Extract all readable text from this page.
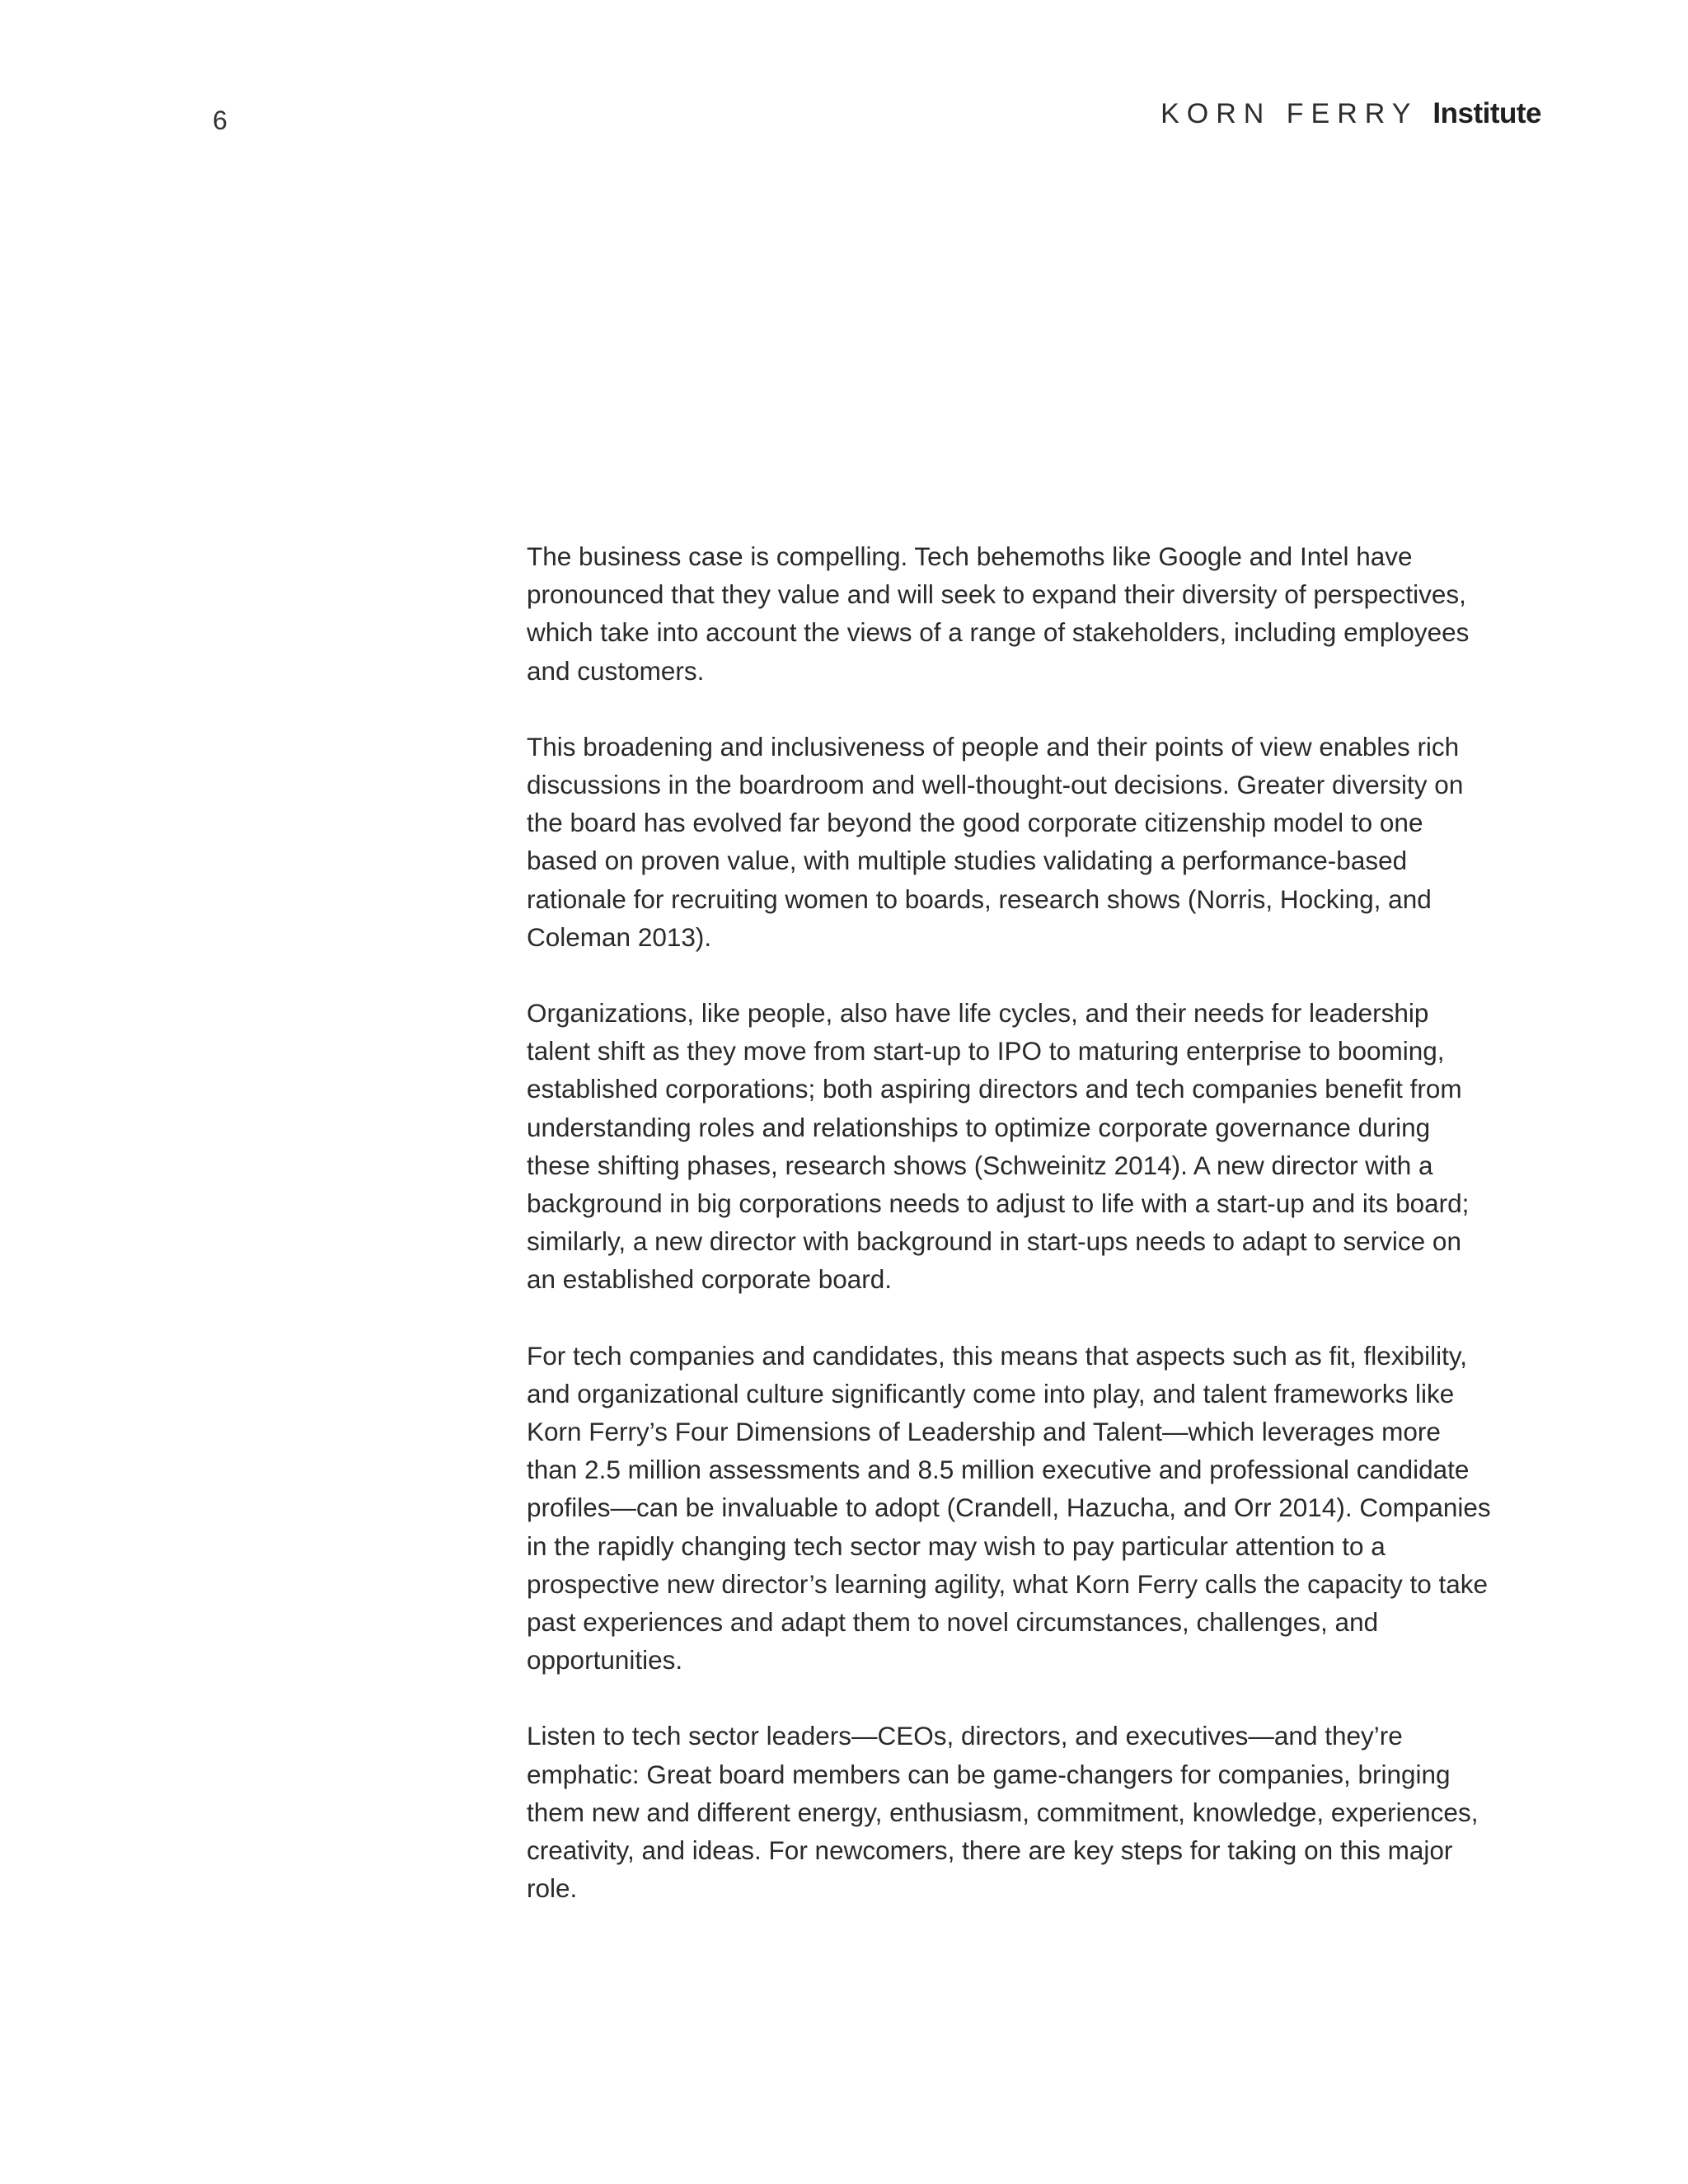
6	KORN FERRY Institute

The business case is compelling. Tech behemoths like Google and Intel have pronounced that they value and will seek to expand their diversity of perspectives, which take into account the views of a range of stakeholders, including employees and customers.

This broadening and inclusiveness of people and their points of view enables rich discussions in the boardroom and well-thought-out decisions. Greater diversity on the board has evolved far beyond the good corporate citizenship model to one based on proven value, with multiple studies validating a performance-based rationale for recruiting women to boards, research shows (Norris, Hocking, and Coleman 2013).

Organizations, like people, also have life cycles, and their needs for leadership talent shift as they move from start-up to IPO to maturing enterprise to booming, established corporations; both aspiring directors and tech companies benefit from understanding roles and relationships to optimize corporate governance during these shifting phases, research shows (Schweinitz 2014). A new director with a background in big corporations needs to adjust to life with a start-up and its board; similarly, a new director with background in start-ups needs to adapt to service on an established corporate board.

For tech companies and candidates, this means that aspects such as fit, flexibility, and organizational culture significantly come into play, and talent frameworks like Korn Ferry’s Four Dimensions of Leadership and Talent—which leverages more than 2.5 million assessments and 8.5 million executive and professional candidate profiles—can be invaluable to adopt (Crandell, Hazucha, and Orr 2014). Companies in the rapidly changing tech sector may wish to pay particular attention to a prospective new director’s learning agility, what Korn Ferry calls the capacity to take past experiences and adapt them to novel circumstances, challenges, and opportunities.

Listen to tech sector leaders—CEOs, directors, and executives—and they’re emphatic: Great board members can be game-changers for companies, bringing them new and different energy, enthusiasm, commitment, knowledge, experiences, creativity, and ideas. For newcomers, there are key steps for taking on this major role.
